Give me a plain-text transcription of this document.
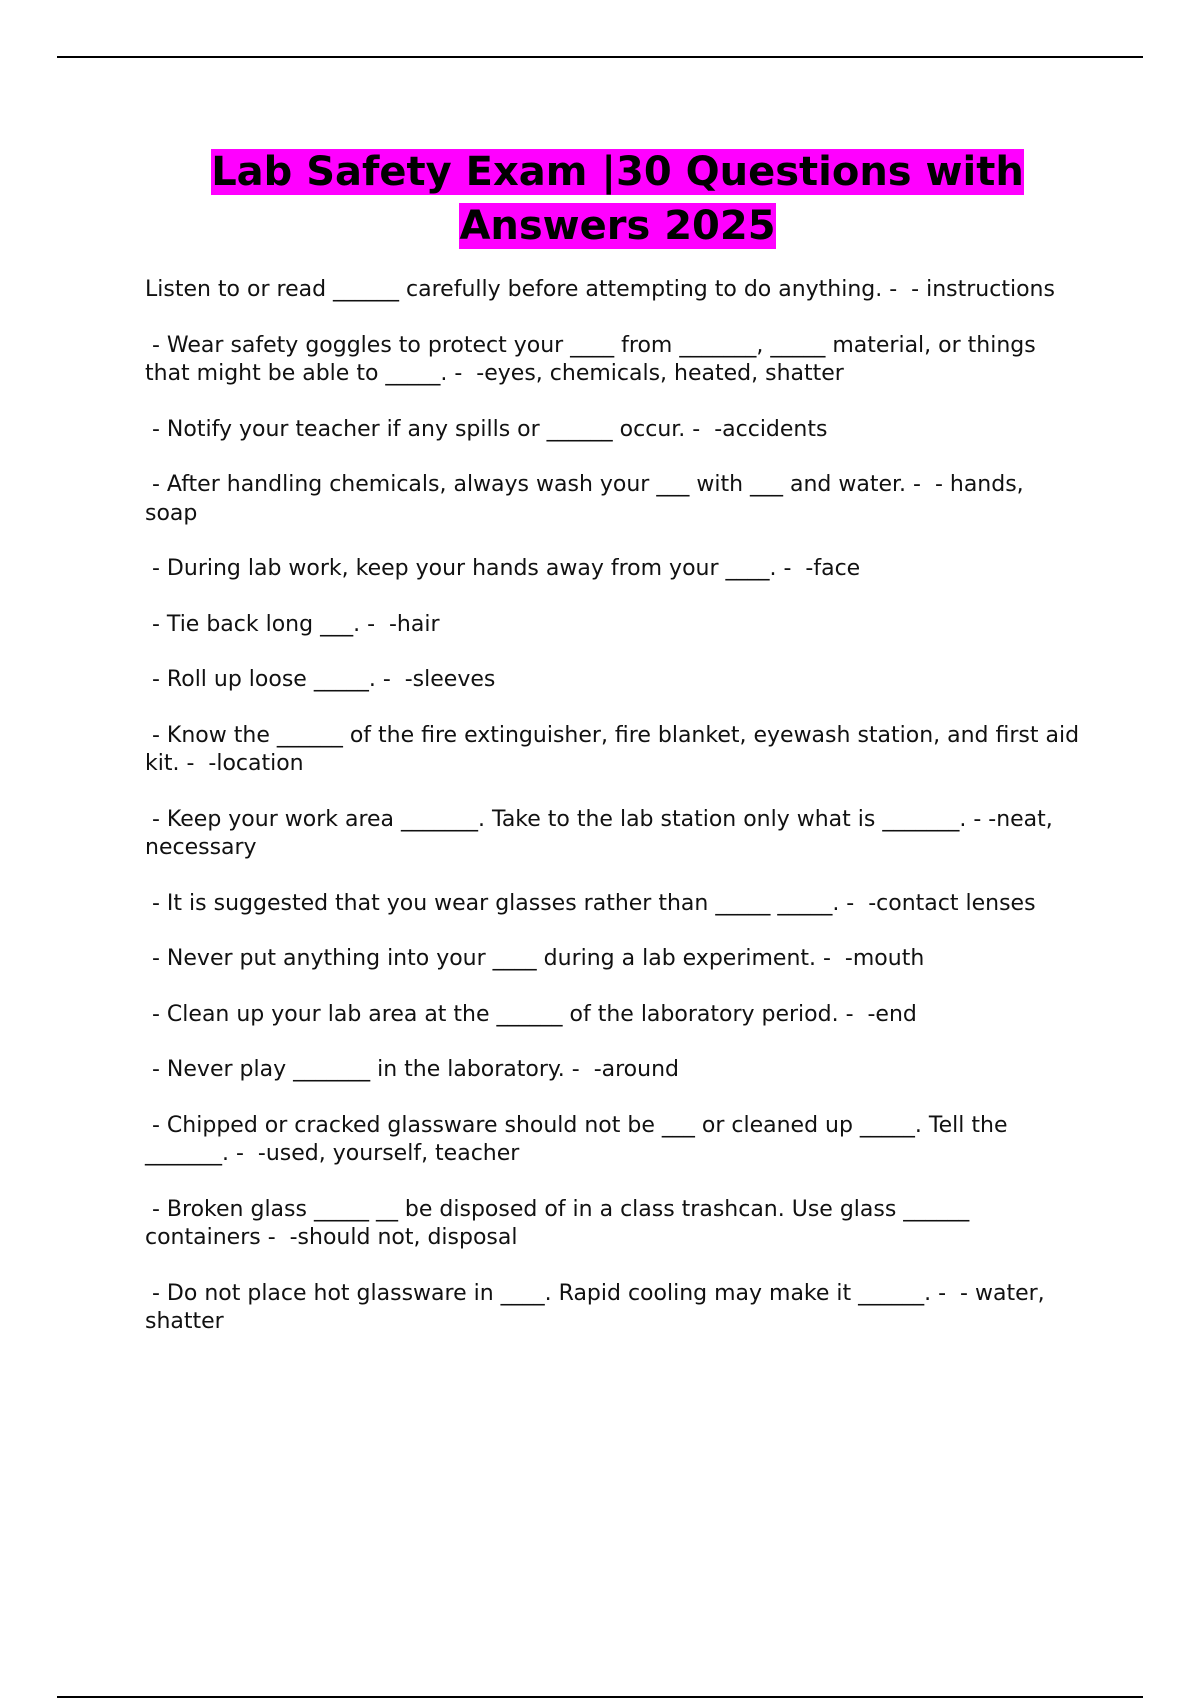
Lab Safety Exam |30 Questions with Answers 2025
Listen to or read ______ carefully before attempting to do anything. -  - instructions
- Wear safety goggles to protect your ____ from _______, _____ material, or things that might be able to _____. -  -eyes, chemicals, heated, shatter
- Notify your teacher if any spills or ______ occur. -  -accidents
- After handling chemicals, always wash your ___ with ___ and water. -  - hands, soap
- During lab work, keep your hands away from your ____. -  -face
- Tie back long ___. -  -hair
- Roll up loose _____. -  -sleeves
- Know the ______ of the fire extinguisher, fire blanket, eyewash station, and first aid kit. -  -location
- Keep your work area _______. Take to the lab station only what is _______. - -neat, necessary
- It is suggested that you wear glasses rather than _____ _____. -  -contact lenses
- Never put anything into your ____ during a lab experiment. -  -mouth
- Clean up your lab area at the ______ of the laboratory period. -  -end
- Never play _______ in the laboratory. -  -around
- Chipped or cracked glassware should not be ___ or cleaned up _____. Tell the _______. -  -used, yourself, teacher
- Broken glass _____ __ be disposed of in a class trashcan. Use glass ______ containers -  -should not, disposal
- Do not place hot glassware in ____. Rapid cooling may make it ______. -  - water, shatter
